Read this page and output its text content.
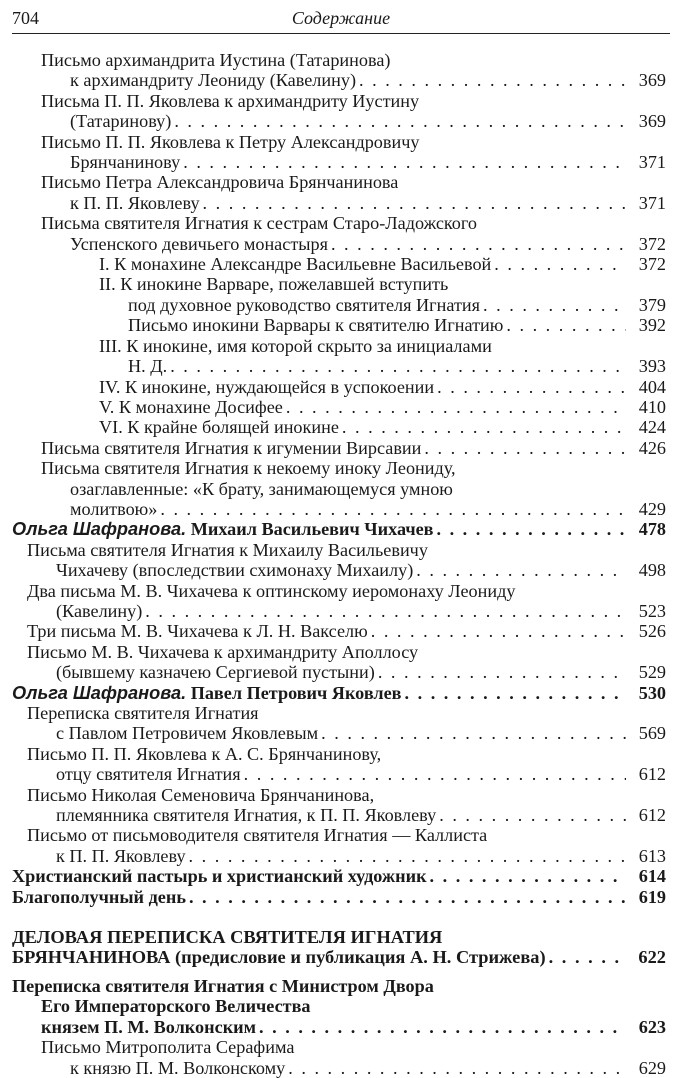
704	Содержание
Письмо архимандрита Иустина (Татаринова)
к архимандриту Леониду (Кавелину) . . .	369
Письма П. П. Яковлева к архимандриту Иустину
(Татаринову) . . .	369
Письмо П. П. Яковлева к Петру Александровичу
Брянчанинову . . .	371
Письмо Петра Александровича Брянчанинова
к П. П. Яковлеву . . .	371
Письма святителя Игнатия к сестрам Старо-Ладожского
Успенского девичьего монастыря . . .	372
I. К монахине Александре Васильевне Васильевой . . .	372
II. К инокине Варваре, пожелавшей вступить
под духовное руководство святителя Игнатия . . .	379
Письмо инокини Варвары к святителю Игнатию . . .	392
III. К инокине, имя которой скрыто за инициалами
Н. Д. . . .	393
IV. К инокине, нуждающейся в успокоении . . .	404
V. К монахине Досифее . . .	410
VI. К крайне болящей инокине . . .	424
Письма святителя Игнатия к игумении Вирсавии . . .	426
Письма святителя Игнатия к некоему иноку Леониду,
озаглавленные: «К брату, занимающемуся умною
молитвою» . . .	429
Ольга Шафранова. Михаил Васильевич Чихачев . . .	478
Письма святителя Игнатия к Михаилу Васильевичу
Чихачеву (впоследствии схимонаху Михаилу) . . .	498
Два письма М. В. Чихачева к оптинскому иеромонаху Леониду
(Кавелину) . . .	523
Три письма М. В. Чихачева к Л. Н. Вакселю . . .	526
Письмо М. В. Чихачева к архимандриту Аполлосу
(бывшему казначею Сергиевой пустыни) . . .	529
Ольга Шафранова. Павел Петрович Яковлев . . .	530
Переписка святителя Игнатия
с Павлом Петровичем Яковлевым . . .	569
Письмо П. П. Яковлева к А. С. Брянчанинову,
отцу святителя Игнатия . . .	612
Письмо Николая Семеновича Брянчанинова,
племянника святителя Игнатия, к П. П. Яковлеву . . .	612
Письмо от письмоводителя святителя Игнатия — Каллиста
к П. П. Яковлеву . . .	613
Христианский пастырь и христианский художник . . .	614
Благополучный день . . .	619
ДЕЛОВАЯ ПЕРЕПИСКА СВЯТИТЕЛЯ ИГНАТИЯ
БРЯНЧАНИНОВА (предисловие и публикация А. Н. Стрижева) . . .	622
Переписка святителя Игнатия с Министром Двора
Его Императорского Величества
князем П. М. Волконским . . .	623
Письмо Митрополита Серафима
к князю П. М. Волконскому . . .	629
